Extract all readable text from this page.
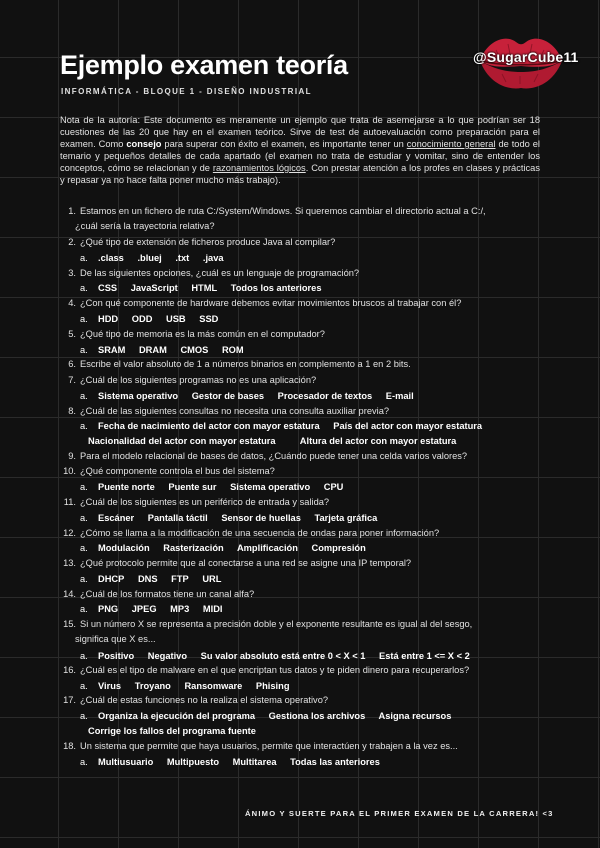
Ejemplo examen teoría
INFORMÁTICA - BLOQUE 1 - DISEÑO INDUSTRIAL
@SugarCube11
Nota de la autoría: Este documento es meramente un ejemplo que trata de asemejarse a lo que podrían ser 18 cuestiones de las 20 que hay en el examen teórico. Sirve de test de autoevaluación como preparación para el examen. Como consejo para superar con éxito el examen, es importante tener un conocimiento general de todo el temario y pequeños detalles de cada apartado (el examen no trata de estudiar y vomitar, sino de entender los conceptos, cómo se relacionan y de razonamientos lógicos. Con prestar atención a los profes en clases y prácticas y repasar ya no hace falta poner mucho más trabajo).
1. Estamos en un fichero de ruta C:/System/Windows. Si queremos cambiar el directorio actual a C:/,
¿cuál sería la trayectoria relativa?
2. ¿Qué tipo de extensión de ficheros produce Java al compilar?
a. .class .bluej .txt .java
3. De las siguientes opciones, ¿cuál es un lenguaje de programación?
a. CSS JavaScript HTML Todos los anteriores
4. ¿Con qué componente de hardware debemos evitar movimientos bruscos al trabajar con él?
a. HDD ODD USB SSD
5. ¿Qué tipo de memoria es la más común en el computador?
a. SRAM DRAM CMOS ROM
6. Escribe el valor absoluto de 1 a números binarios en complemento a 1 en 2 bits.
7. ¿Cuál de los siguientes programas no es una aplicación?
a. Sistema operativo Gestor de bases Procesador de textos E-mail
8. ¿Cuál de las siguientes consultas no necesita una consulta auxiliar previa?
a. Fecha de nacimiento del actor con mayor estatura País del actor con mayor estatura
Nacionalidad del actor con mayor estatura	Altura del actor con mayor estatura
9. Para el modelo relacional de bases de datos, ¿Cuándo puede tener una celda varios valores?
10. ¿Qué componente controla el bus del sistema?
a. Puente norte Puente sur Sistema operativo CPU
11. ¿Cuál de los siguientes es un periférico de entrada y salida?
a. Escáner Pantalla táctil Sensor de huellas Tarjeta gráfica
12. ¿Cómo se llama a la modificación de una secuencia de ondas para poner información?
a. Modulación Rasterización Amplificación Compresión
13. ¿Qué protocolo permite que al conectarse a una red se asigne una IP temporal?
a. DHCP DNS FTP URL
14. ¿Cuál de los formatos tiene un canal alfa?
a. PNG JPEG MP3 MIDI
15. Si un número X se representa a precisión doble y el exponente resultante es igual al del sesgo,
significa que X es...
a. Positivo Negativo Su valor absoluto está entre 0 < X < 1 Está entre 1 <= X < 2
16. ¿Cuál es el tipo de malware en el que encriptan tus datos y te piden dinero para recuperarlos?
a. Virus Troyano Ransomware Phising
17. ¿Cuál de estas funciones no la realiza el sistema operativo?
a. Organiza la ejecución del programa Gestiona los archivos Asigna recursos
Corrige los fallos del programa fuente
18. Un sistema que permite que haya usuarios, permite que interactúen y trabajen a la vez es...
a. Multiusuario Multipuesto Multitarea Todas las anteriores
ÁNIMO Y SUERTE PARA EL PRIMER EXAMEN DE LA CARRERA! <3
